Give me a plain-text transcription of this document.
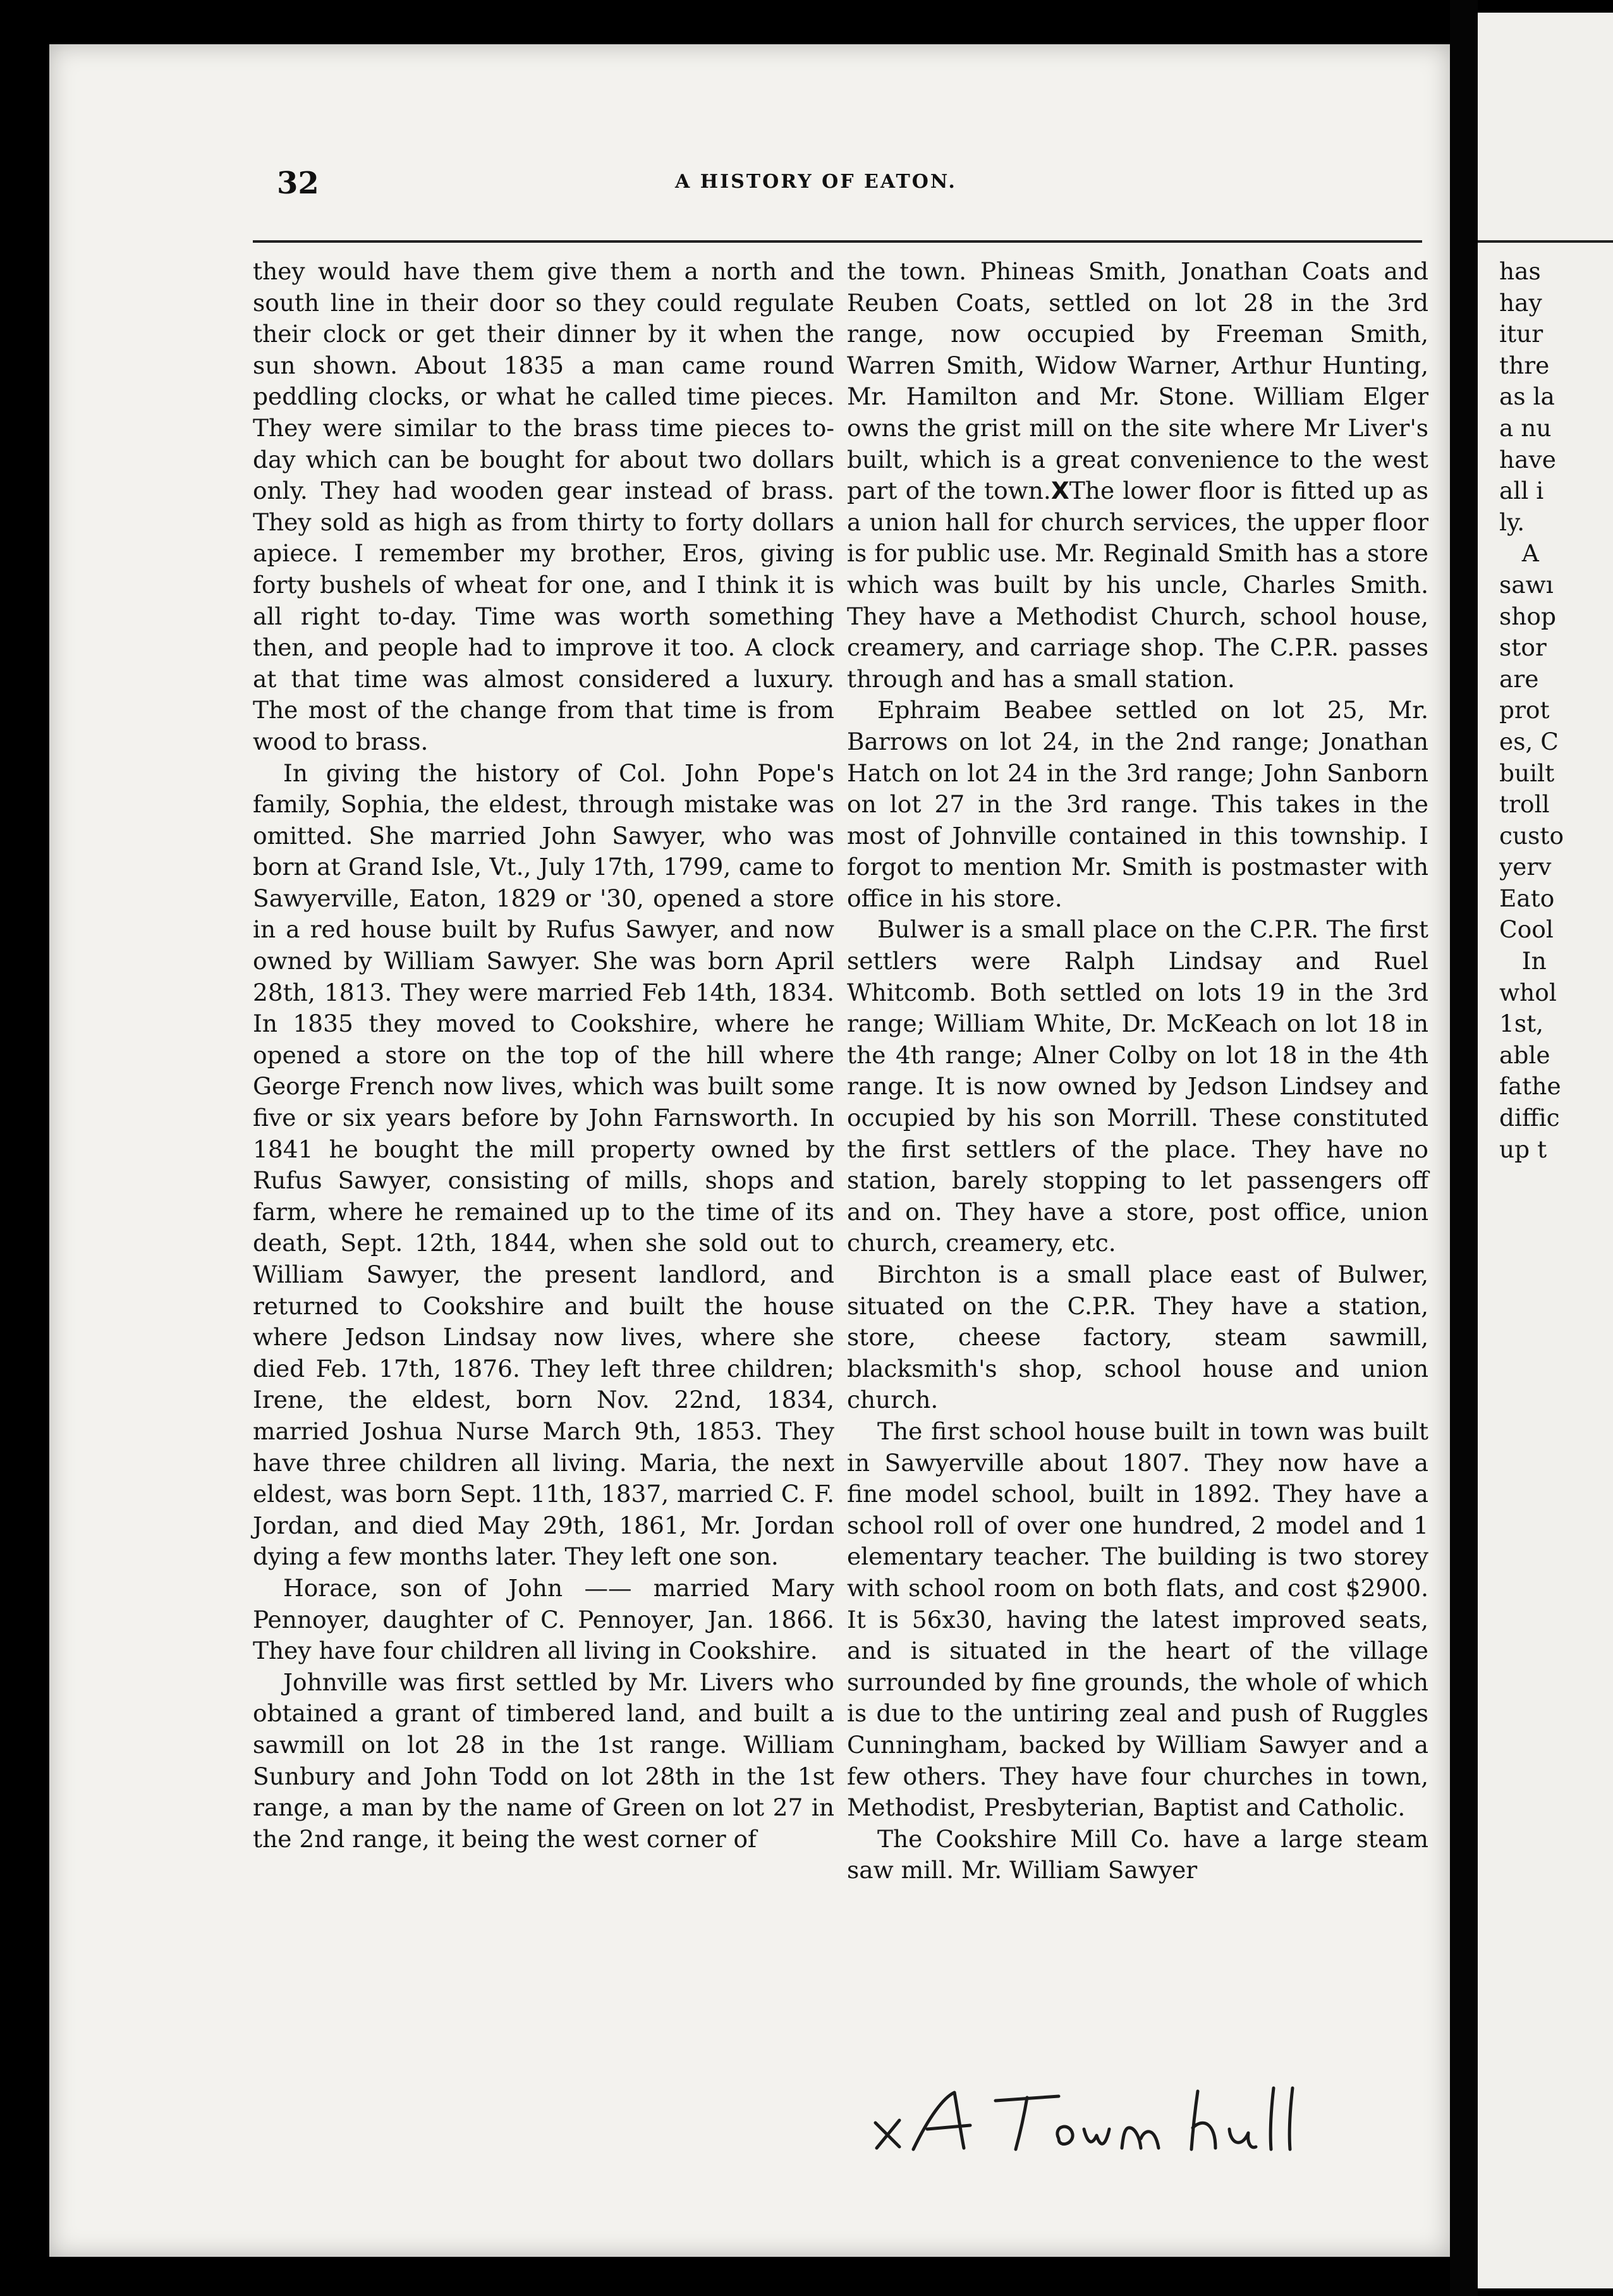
32	A HISTORY OF EATON.

they would have them give them a north and south line in their door so they could regulate their clock or get their dinner by it when the sun shown. About 1835 a man came round peddling clocks, or what he called time pieces. They were similar to the brass time pieces to-day which can be bought for about two dollars only. They had wooden gear instead of brass. They sold as high as from thirty to forty dollars apiece. I remember my brother, Eros, giving forty bushels of wheat for one, and I think it is all right to-day. Time was worth something then, and people had to improve it too. A clock at that time was almost considered a luxury. The most of the change from that time is from wood to brass.

In giving the history of Col. John Pope's family, Sophia, the eldest, through mistake was omitted. She married John Sawyer, who was born at Grand Isle, Vt., July 17th, 1799, came to Sawyerville, Eaton, 1829 or '30, opened a store in a red house built by Rufus Sawyer, and now owned by William Sawyer. She was born April 28th, 1813. They were married Feb 14th, 1834. In 1835 they moved to Cookshire, where he opened a store on the top of the hill where George French now lives, which was built some five or six years before by John Farnsworth. In 1841 he bought the mill property owned by Rufus Sawyer, consisting of mills, shops and farm, where he remained up to the time of its death, Sept. 12th, 1844, when she sold out to William Sawyer, the present landlord, and returned to Cookshire and built the house where Jedson Lindsay now lives, where she died Feb. 17th, 1876. They left three children; Irene, the eldest, born Nov. 22nd, 1834, married Joshua Nurse March 9th, 1853. They have three children all living. Maria, the next eldest, was born Sept. 11th, 1837, married C. F. Jordan, and died May 29th, 1861, Mr. Jordan dying a few months later. They left one son.

Horace, son of John —— married Mary Pennoyer, daughter of C. Pennoyer, Jan. 1866. They have four children all living in Cookshire.

Johnville was first settled by Mr. Livers who obtained a grant of timbered land, and built a sawmill on lot 28 in the 1st range. William Sunbury and John Todd on lot 28th in the 1st range, a man by the name of Green on lot 27 in the 2nd range, it being the west corner of

the town. Phineas Smith, Jonathan Coats and Reuben Coats, settled on lot 28 in the 3rd range, now occupied by Freeman Smith, Warren Smith, Widow Warner, Arthur Hunting, Mr. Hamilton and Mr. Stone. William Elger owns the grist mill on the site where Mr Liver's built, which is a great convenience to the west part of the town.XThe lower floor is fitted up as a union hall for church services, the upper floor is for public use. Mr. Reginald Smith has a store which was built by his uncle, Charles Smith. They have a Methodist Church, school house, creamery, and carriage shop. The C.P.R. passes through and has a small station.

Ephraim Beabee settled on lot 25, Mr. Barrows on lot 24, in the 2nd range; Jonathan Hatch on lot 24 in the 3rd range; John Sanborn on lot 27 in the 3rd range. This takes in the most of Johnville contained in this township. I forgot to mention Mr. Smith is postmaster with office in his store.

Bulwer is a small place on the C.P.R. The first settlers were Ralph Lindsay and Ruel Whitcomb. Both settled on lots 19 in the 3rd range; William White, Dr. McKeach on lot 18 in the 4th range; Alner Colby on lot 18 in the 4th range. It is now owned by Jedson Lindsey and occupied by his son Morrill. These constituted the first settlers of the place. They have no station, barely stopping to let passengers off and on. They have a store, post office, union church, creamery, etc.

Birchton is a small place east of Bulwer, situated on the C.P.R. They have a station, store, cheese factory, steam sawmill, blacksmith's shop, school house and union church.

The first school house built in town was built in Sawyerville about 1807. They now have a fine model school, built in 1892. They have a school roll of over one hundred, 2 model and 1 elementary teacher. The building is two storey with school room on both flats, and cost $2900. It is 56x30, having the latest improved seats, and is situated in the heart of the village surrounded by fine grounds, the whole of which is due to the untiring zeal and push of Ruggles Cunningham, backed by William Sawyer and a few others. They have four churches in town, Methodist, Presbyterian, Baptist and Catholic.

The Cookshire Mill Co. have a large steam saw mill. Mr. William Sawyer

X A Town hall
has
hay
itur
thre
as la
a nu
have
all i
ly.
A
sawı
shop
stor
are
prot
es, C
built
troll
custo
yerv
Eato
Cool
In
whol
1st,
able
fathe
diffic
up t
